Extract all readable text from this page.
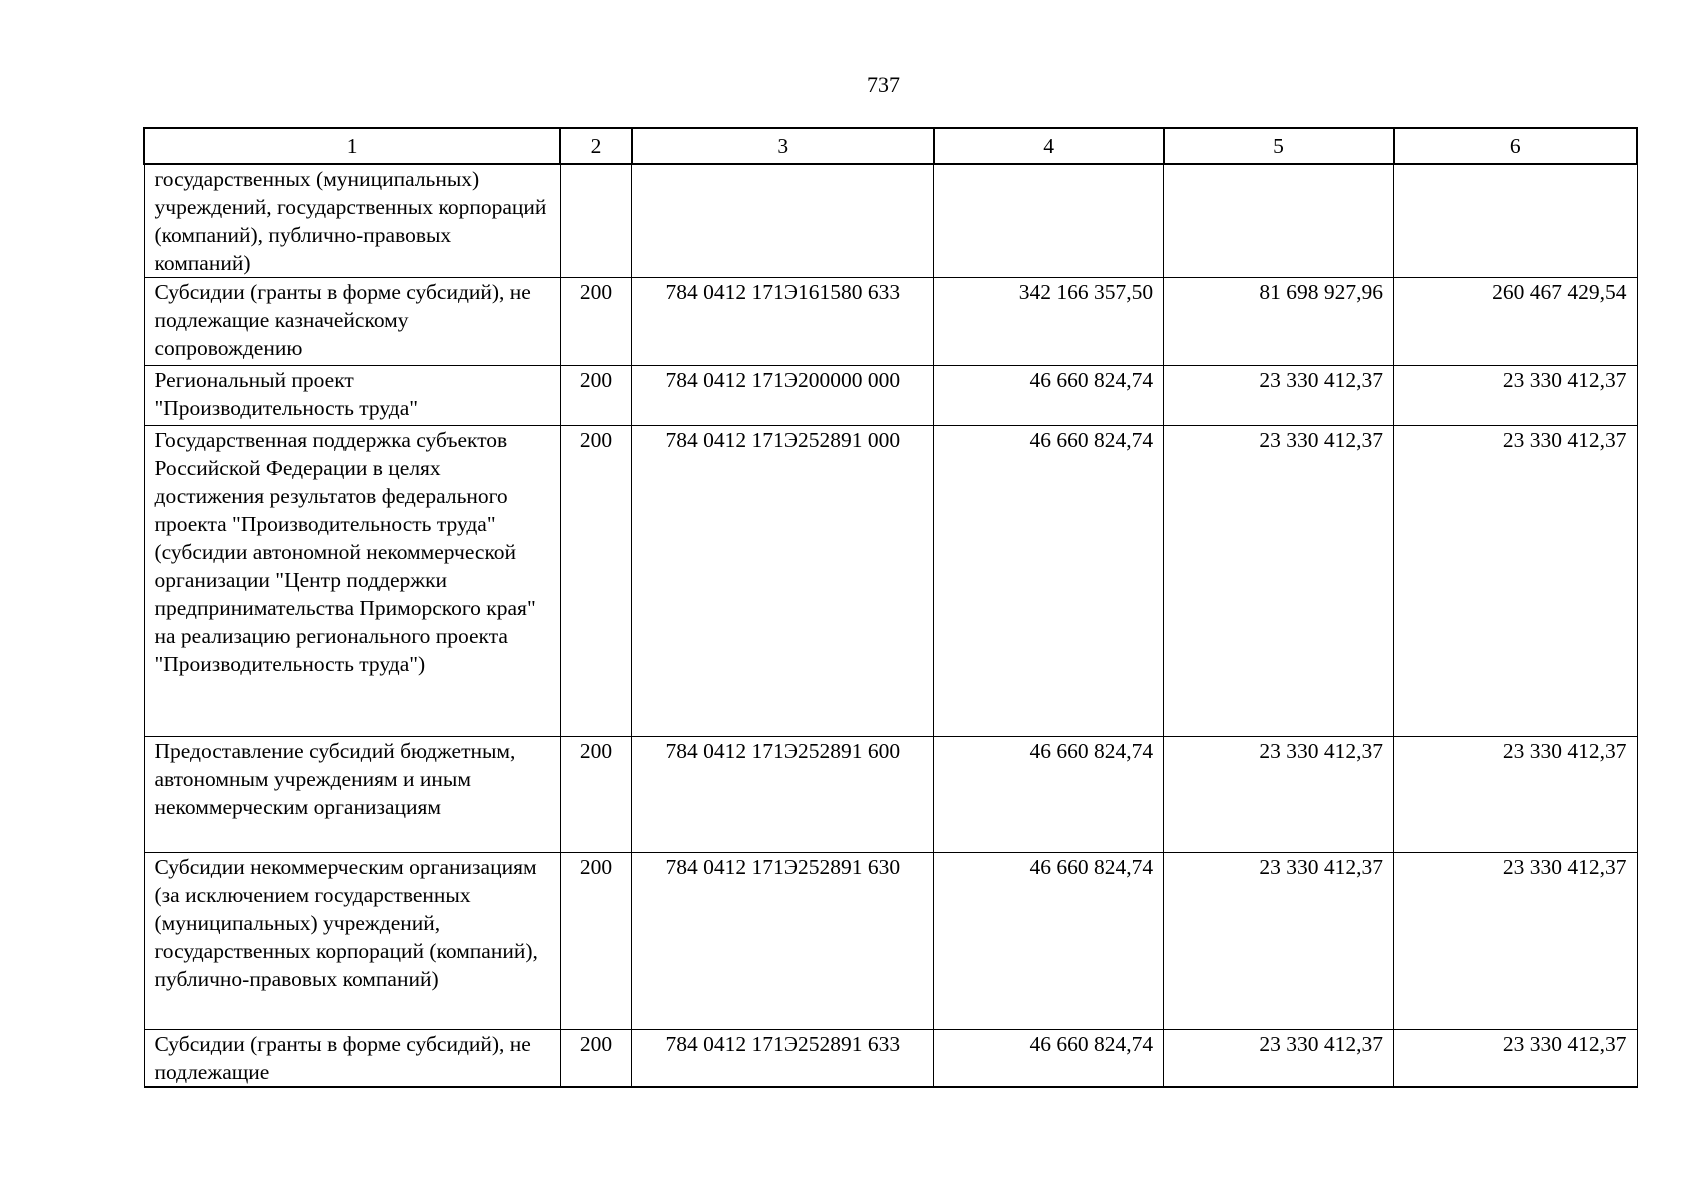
737
1	2	3	4	5	6
государственных (муниципальных) учреждений, государственных корпораций (компаний), публично-правовых компаний)					
Субсидии (гранты в форме субсидий), не подлежащие казначейскому сопровождению	200	784 0412 171Э161580 633	342 166 357,50	81 698 927,96	260 467 429,54
Региональный проект "Производительность труда"	200	784 0412 171Э200000 000	46 660 824,74	23 330 412,37	23 330 412,37
Государственная поддержка субъектов Российской Федерации в целях достижения результатов федерального проекта "Производительность труда" (субсидии автономной некоммерческой организации "Центр поддержки предпринимательства Приморского края" на реализацию регионального проекта "Производительность труда")	200	784 0412 171Э252891 000	46 660 824,74	23 330 412,37	23 330 412,37
Предоставление субсидий бюджетным, автономным учреждениям и иным некоммерческим организациям	200	784 0412 171Э252891 600	46 660 824,74	23 330 412,37	23 330 412,37
Субсидии некоммерческим организациям (за исключением государственных (муниципальных) учреждений, государственных корпораций (компаний), публично-правовых компаний)	200	784 0412 171Э252891 630	46 660 824,74	23 330 412,37	23 330 412,37
Субсидии (гранты в форме субсидий), не подлежащие	200	784 0412 171Э252891 633	46 660 824,74	23 330 412,37	23 330 412,37
